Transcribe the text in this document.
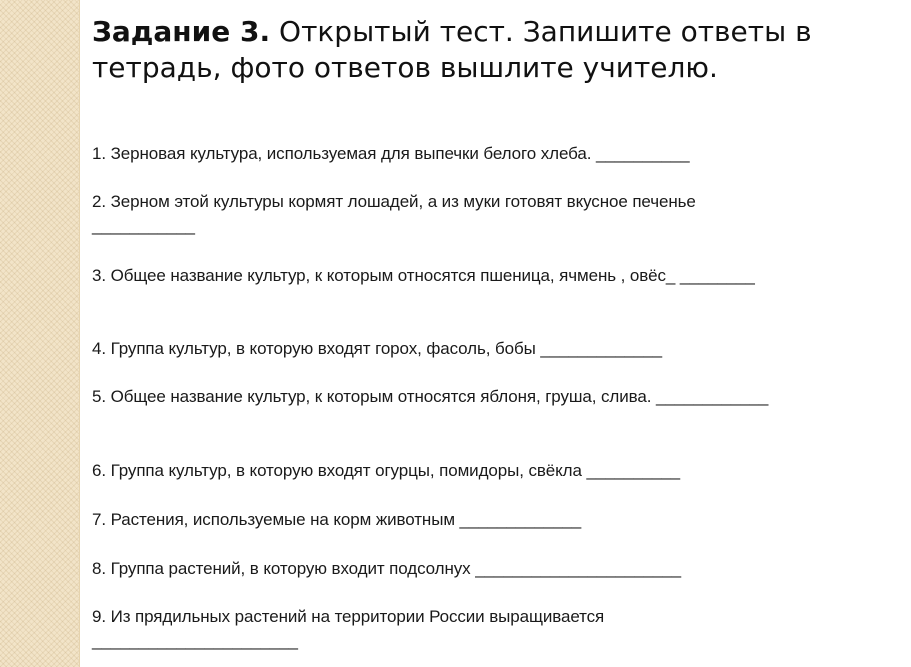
Задание 3. Открытый тест. Запишите ответы в тетрадь, фото ответов вышлите учителю.

1. Зерновая культура, используемая для выпечки белого хлеба. __________

2. Зерном этой культуры кормят лошадей, а из муки готовят вкусное печенье ___________

3. Общее название культур, к которым относятся пшеница, ячмень , овёс_ ________

4. Группа культур, в которую входят горох, фасоль, бобы _____________

5. Общее название культур, к которым относятся яблоня, груша, слива. ____________

6. Группа культур, в которую входят огурцы, помидоры, свёкла __________

7. Растения, используемые на корм животным _____________

8. Группа растений, в которую входит подсолнух ______________________

9. Из прядильных растений на территории России выращивается ______________________
